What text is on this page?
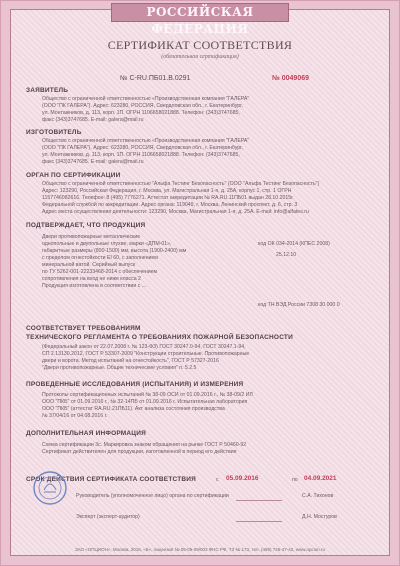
РОССИЙСКАЯ ФЕДЕРАЦИЯ
СЕРТИФИКАТ СООТВЕТСТВИЯ
(обязательная сертификация)
№ С-RU.ПБ01.В.0291	№ 0049069
ЗАЯВИТЕЛЬ
Общество с ограниченной ответственностью «Производственная компания "ГАЛЕРА"
(ООО "ПК ГАЛЕРА"). Адрес: 623280, РОССИЯ, Свердловская обл., г. Екатеринбург,
ул. Монтажников, д. 113, корп. 1П. ОГРН 1106658021888. Телефон: (343)3747685,
факс (343)3747685. E-mail: galera@mail.ru
ИЗГОТОВИТЕЛЬ
Общество с ограниченной ответственностью «Производственная компания "ГАЛЕРА"
(ООО "ПК ГАЛЕРА"). Адрес: 623280, РОССИЯ, Свердловская обл., г. Екатеринбург,
ул. Монтажников, д. 113, корп. 1П. ОГРН 1106658021888. Телефон: (343)3747685,
факс (343)3747685. E-mail: galera@mail.ru
ОРГАН ПО СЕРТИФИКАЦИИ
Общество с ограниченной ответственностью "Альфа Тестинг Безопасность" (ООО "Альфа Тестинг Безопасность")
Адрес: 123290, Российская Федерация, г. Москва, ул. Магистральная 1-я, д. 25А, корпус 1, стр. 1 ОГРН
1157746082616. Телефон: 8 (495) 7776271. Аттестат аккредитации № RA.RU.11ПБ01 выдан 28.10.2015г.
Федеральной службой по аккредитации. Адрес органа: 119049, г. Москва, Ленинский проспект, д. 6, стр. 3
Адрес места осуществления деятельности: 123290, Москва, Магистральная 1-я, д. 25А. E-mail: info@alfates.ru
ПОДТВЕРЖДАЕТ, ЧТО ПРОДУКЦИЯ
Двери противопожарные металлические
однопольные и двупольные глухие, марки «ДПМ-01»,
габаритные размеры (800-1500) мм, высота (1900-2400) мм
с пределом огнестойкости EI 60, с заполнением
минеральной ватой. Серийный выпуск
по ТУ 5262-001-22233468-2014 с обеспечением
сопротивления на вход не ниже класса 2
Продукция изготовлена в соответствии с ...
код ОК 034-2014 (КПЕС 2008)
25.12.10
код ТН ВЭД России 7308 30 000 0
СООТВЕТСТВУЕТ ТРЕБОВАНИЯМ
ТЕХНИЧЕСКОГО РЕГЛАМЕНТА О ТРЕБОВАНИЯХ ПОЖАРНОЙ БЕЗОПАСНОСТИ
(Федеральный закон от 22.07.2008 г. № 123-ФЗ) ГОСТ 30247.0-94, ГОСТ 30247.1-94,
СП 2.13130.2012, ГОСТ Р 53307-2009 "Конструкции строительные. Противопожарные
двери и ворота. Метод испытаний на огнестойкость", ГОСТ Р 57327-2016
"Двери противопожарные. Общие технические условия" п. 5.2.5
ПРОВЕДЕННЫЕ ИССЛЕДОВАНИЯ (ИСПЫТАНИЯ) И ИЗМЕРЕНИЯ
Протоколы сертификационных испытаний № 38-09 ОСИ от 01.09.2016 г., № 38-09/2 ИЛ
ООО "ПКБ" от 01.09.2016 г., № 32-14ПБ от 01.09.2016 г. Испытательная лаборатория
ООО "ПКБ" (аттестат RA.RU.21ПБ11). Акт анализа состояния производства
№ 37/04/16 от 04.08.2016 г.
ДОПОЛНИТЕЛЬНАЯ ИНФОРМАЦИЯ
Схема сертификации 3с. Маркировка знаком обращения на рынке ГОСТ Р 50460-92
Сертификат действителен для продукции, изготовленной в период его действия
СРОК ДЕЙСТВИЯ СЕРТИФИКАТА СООТВЕТСТВИЯ	с	05.09.2016	по 04.09.2021
Руководитель (уполномоченное лицо) органа по сертификации	С.А. Тихонов
Эксперт (эксперт-аудитор)	Д.Н. Мостуров
ЗАО «ОПЦИОН», Москва, 2016, «Б», лицензия № 05-05-09/003 ФНС РФ, ТЗ № 173, тел. (495) 726-47-42, www.opcion.ru
